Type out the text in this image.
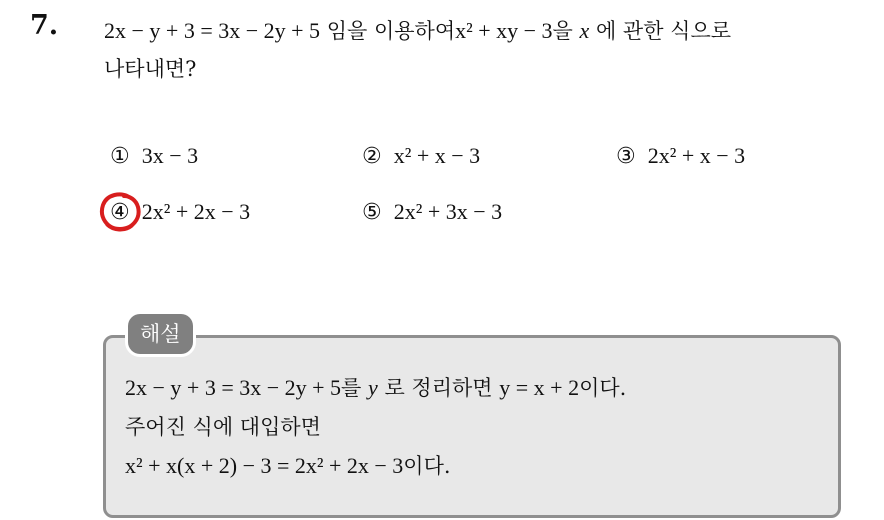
7. 2x − y + 3 = 3x − 2y + 5 임을 이용하여x² + xy − 3을 x 에 관한 식으로
나타내면?
① 3x − 3	② x² + x − 3	③ 2x² + x − 3
④ 2x² + 2x − 3	⑤ 2x² + 3x − 3
해설
2x − y + 3 = 3x − 2y + 5를 y 로 정리하면 y = x + 2이다.
주어진 식에 대입하면
x² + x(x + 2) − 3 = 2x² + 2x − 3이다.
